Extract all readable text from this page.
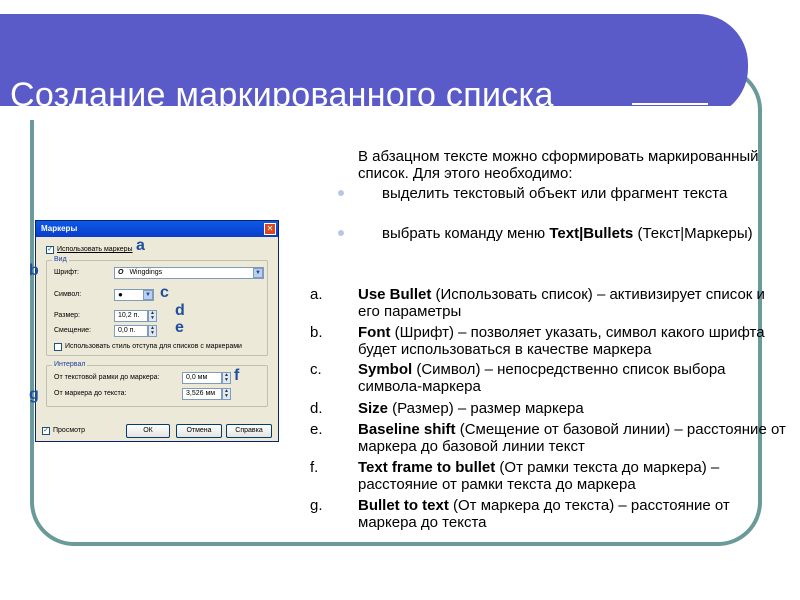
Создание маркированного списка
Маркеры	✕
✓ Использовать маркеры
Вид
Шрифт:	O Wingdings	▼
Символ:	●	▼
Размер:	10,2 п.	▲
▼
Смещение:	0,0 п.	▲
▼
Использовать стиль отступа для списков с маркерами
Интервал
От текстовой рамки до маркера:	0,0 мм	▲
▼
От маркера до текста:	3,526 мм	▲
▼
✓ Просмотр	ОК	Отмена	Справка
a
b
c
d
e
f
g
В абзацном тексте можно сформировать маркированный список. Для этого необходимо:
выделить текстовый объект или фрагмент текста
выбрать команду меню Text|Bullets (Текст|Маркеры)
a.	Use Bullet (Использовать список) – активизирует список и его параметры
b.	Font (Шрифт) – позволяет указать, символ какого шрифта будет использоваться в качестве маркера
c.	Symbol (Символ) – непосредственно список выбора символа-маркера
d.	Size (Размер) – размер маркера
e.	Baseline shift (Смещение от базовой линии) – расстояние от маркера до базовой линии текст
f.	Text frame to bullet (От рамки текста до маркера) – расстояние от рамки текста до маркера
g.	Bullet to text (От маркера до текста) – расстояние от маркера до текста
